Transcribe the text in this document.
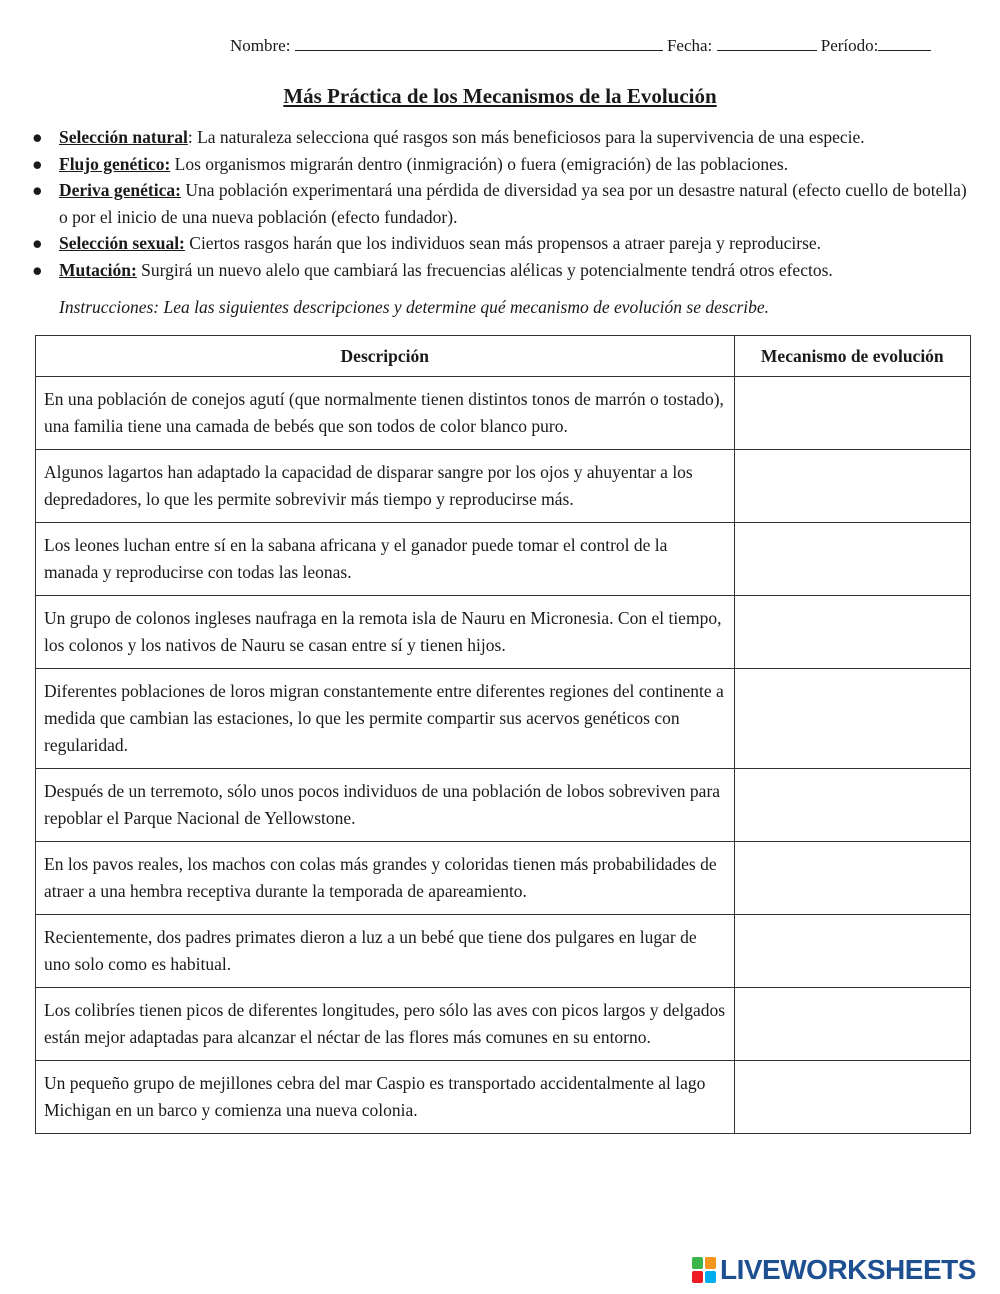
Nombre:	Fecha:	Período:
Más Práctica de los Mecanismos de la Evolución
● Selección natural: La naturaleza selecciona qué rasgos son más beneficiosos para la supervivencia de una especie.
● Flujo genético: Los organismos migrarán dentro (inmigración) o fuera (emigración) de las poblaciones.
● Deriva genética: Una población experimentará una pérdida de diversidad ya sea por un desastre natural (efecto cuello de botella) o por el inicio de una nueva población (efecto fundador).
● Selección sexual: Ciertos rasgos harán que los individuos sean más propensos a atraer pareja y reproducirse.
● Mutación: Surgirá un nuevo alelo que cambiará las frecuencias alélicas y potencialmente tendrá otros efectos.
Instrucciones: Lea las siguientes descripciones y determine qué mecanismo de evolución se describe.
Descripción	Mecanismo de evolución
En una población de conejos agutí (que normalmente tienen distintos tonos de marrón o tostado), una familia tiene una camada de bebés que son todos de color blanco puro.	
Algunos lagartos han adaptado la capacidad de disparar sangre por los ojos y ahuyentar a los depredadores, lo que les permite sobrevivir más tiempo y reproducirse más.	
Los leones luchan entre sí en la sabana africana y el ganador puede tomar el control de la manada y reproducirse con todas las leonas.	
Un grupo de colonos ingleses naufraga en la remota isla de Nauru en Micronesia. Con el tiempo, los colonos y los nativos de Nauru se casan entre sí y tienen hijos.	
Diferentes poblaciones de loros migran constantemente entre diferentes regiones del continente a medida que cambian las estaciones, lo que les permite compartir sus acervos genéticos con regularidad.	
Después de un terremoto, sólo unos pocos individuos de una población de lobos sobreviven para repoblar el Parque Nacional de Yellowstone.	
En los pavos reales, los machos con colas más grandes y coloridas tienen más probabilidades de atraer a una hembra receptiva durante la temporada de apareamiento.	
Recientemente, dos padres primates dieron a luz a un bebé que tiene dos pulgares en lugar de uno solo como es habitual.	
Los colibríes tienen picos de diferentes longitudes, pero sólo las aves con picos largos y delgados están mejor adaptadas para alcanzar el néctar de las flores más comunes en su entorno.	
Un pequeño grupo de mejillones cebra del mar Caspio es transportado accidentalmente al lago Michigan en un barco y comienza una nueva colonia.	
LIVEWORKSHEETS
